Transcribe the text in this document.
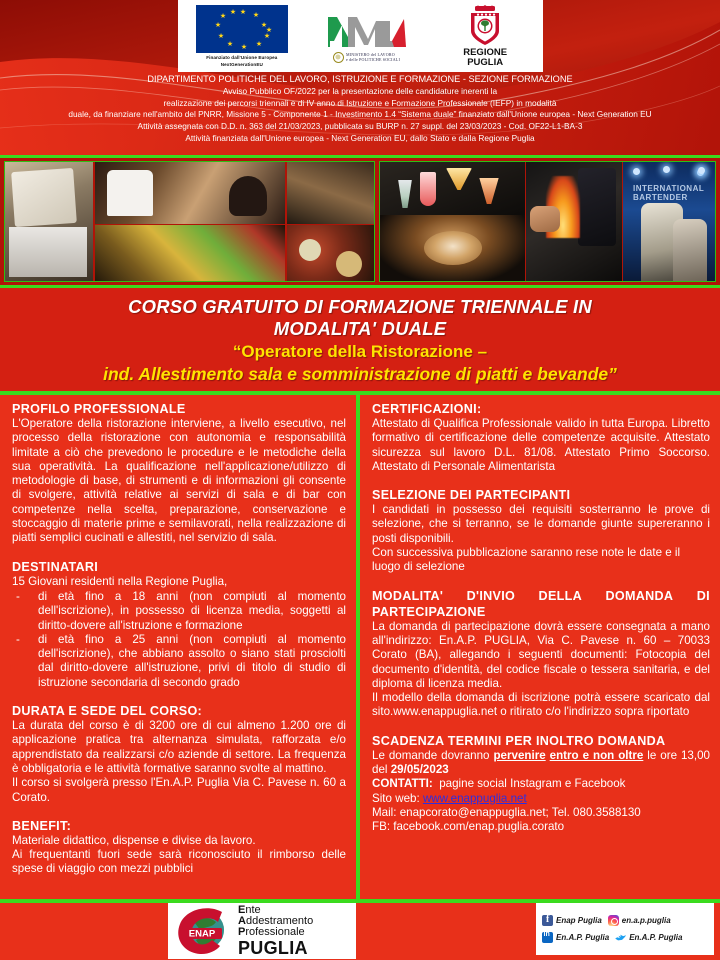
★ ★
★
★
★
★
★
★
★
★
★
★
Finanziato dall'Unione Europea
NextGenerationEU
MINISTERO del LAVORO
e delle POLITICHE SOCIALI
REGIONE
PUGLIA
DIPARTIMENTO POLITICHE DEL LAVORO, ISTRUZIONE E FORMAZIONE - SEZIONE FORMAZIONE
Avviso Pubblico OF/2022 per la presentazione delle candidature inerenti la
realizzazione dei percorsi triennali e di IV anno di Istruzione e Formazione Professionale (IEFP) in modalità
duale, da finanziare nell'ambito del PNRR, Missione 5 - Componente 1 - Investimento 1.4 “Sistema duale” finanziato dall'Unione europea - Next Generation EU
Attività assegnata con D.D. n. 363 del 21/03/2023, pubblicata su BURP n. 27 suppl. del 23/03/2023 - Cod. OF22-L1-BA-3
Attività finanziata dall'Unione europea - Next Generation EU, dallo Stato e dalla Regione Puglia
INTERNATIONAL BARTENDER
CORSO GRATUITO DI FORMAZIONE TRIENNALE IN
MODALITA' DUALE
“Operatore della Ristorazione –
ind. Allestimento sala e somministrazione di piatti e bevande”
PROFILO PROFESSIONALE

L'Operatore della ristorazione interviene, a livello esecutivo, nel processo della ristorazione con autonomia e responsabilità limitate a ciò che prevedono le procedure e le metodiche della sua operatività. La qualificazione nell'applicazione/utilizzo di metodologie di base, di strumenti e di informazioni gli consente di svolgere, attività relative ai servizi di sala e di bar con competenze nella scelta, preparazione, conservazione e stoccaggio di materie prime e semilavorati, nella realizzazione di piatti semplici cucinati e allestiti, nel servizio di sala.

DESTINATARI

15 Giovani residenti nella Regione Puglia,

- di età fino a 18 anni (non compiuti al momento dell'iscrizione), in possesso di licenza media, soggetti al diritto-dovere all'istruzione e formazione
- di età fino a 25 anni (non compiuti al momento dell'iscrizione), che abbiano assolto o siano stati prosciolti dal diritto-dovere all'istruzione, privi di titolo di studio di istruzione secondaria di secondo grado
DURATA E SEDE DEL CORSO:

La durata del corso è di 3200 ore di cui almeno 1.200 ore di applicazione pratica tra alternanza simulata, rafforzata e/o apprendistato da realizzarsi c/o aziende di settore. La frequenza è obbligatoria e le attività formative saranno svolte al mattino.

Il corso si svolgerà presso l'En.A.P. Puglia Via C. Pavese n. 60 a Corato.

BENEFIT:

Materiale didattico, dispense e divise da lavoro.

Ai frequentanti fuori sede sarà riconosciuto il rimborso delle spese di viaggio con mezzi pubblici

CERTIFICAZIONI:

Attestato di Qualifica Professionale valido in tutta Europa. Libretto formativo di certificazione delle competenze acquisite. Attestato sicurezza sul lavoro D.L. 81/08. Attestato Primo Soccorso. Attestato di Personale Alimentarista

SELEZIONE DEI PARTECIPANTI

I candidati in possesso dei requisiti sosterranno le prove di selezione, che si terranno, se le domande giunte supereranno i posti disponibili.

Con successiva pubblicazione saranno rese note le date e il luogo di selezione

MODALITA' D'INVIO DELLA DOMANDA DI
PARTECIPAZIONE

La domanda di partecipazione dovrà essere consegnata a mano all'indirizzo: En.A.P. PUGLIA, Via C. Pavese n. 60 – 70033 Corato (BA), allegando i seguenti documenti: Fotocopia del documento d'identità, del codice fiscale o tessera sanitaria, e del diploma di licenza media.

Il modello della domanda di iscrizione potrà essere scaricato dal sito.www.enappuglia.net o ritirato c/o l'indirizzo sopra riportato

SCADENZA TERMINI PER INOLTRO DOMANDA

Le domande dovranno pervenire entro e non oltre le ore 13,00 del 29/05/2023

CONTATTI: pagine social Instagram e Facebook

Sito web: www.enappuglia.net

Mail: enapcorato@enappuglia.net; Tel. 080.3588130

FB: facebook.com/enap.puglia.corato

ENAP
Ente
Addestramento
Professionale
PUGLIA
f
Enap Puglia	en.a.p.puglia
in
En.A.P. Puglia	En.A.P. Puglia
